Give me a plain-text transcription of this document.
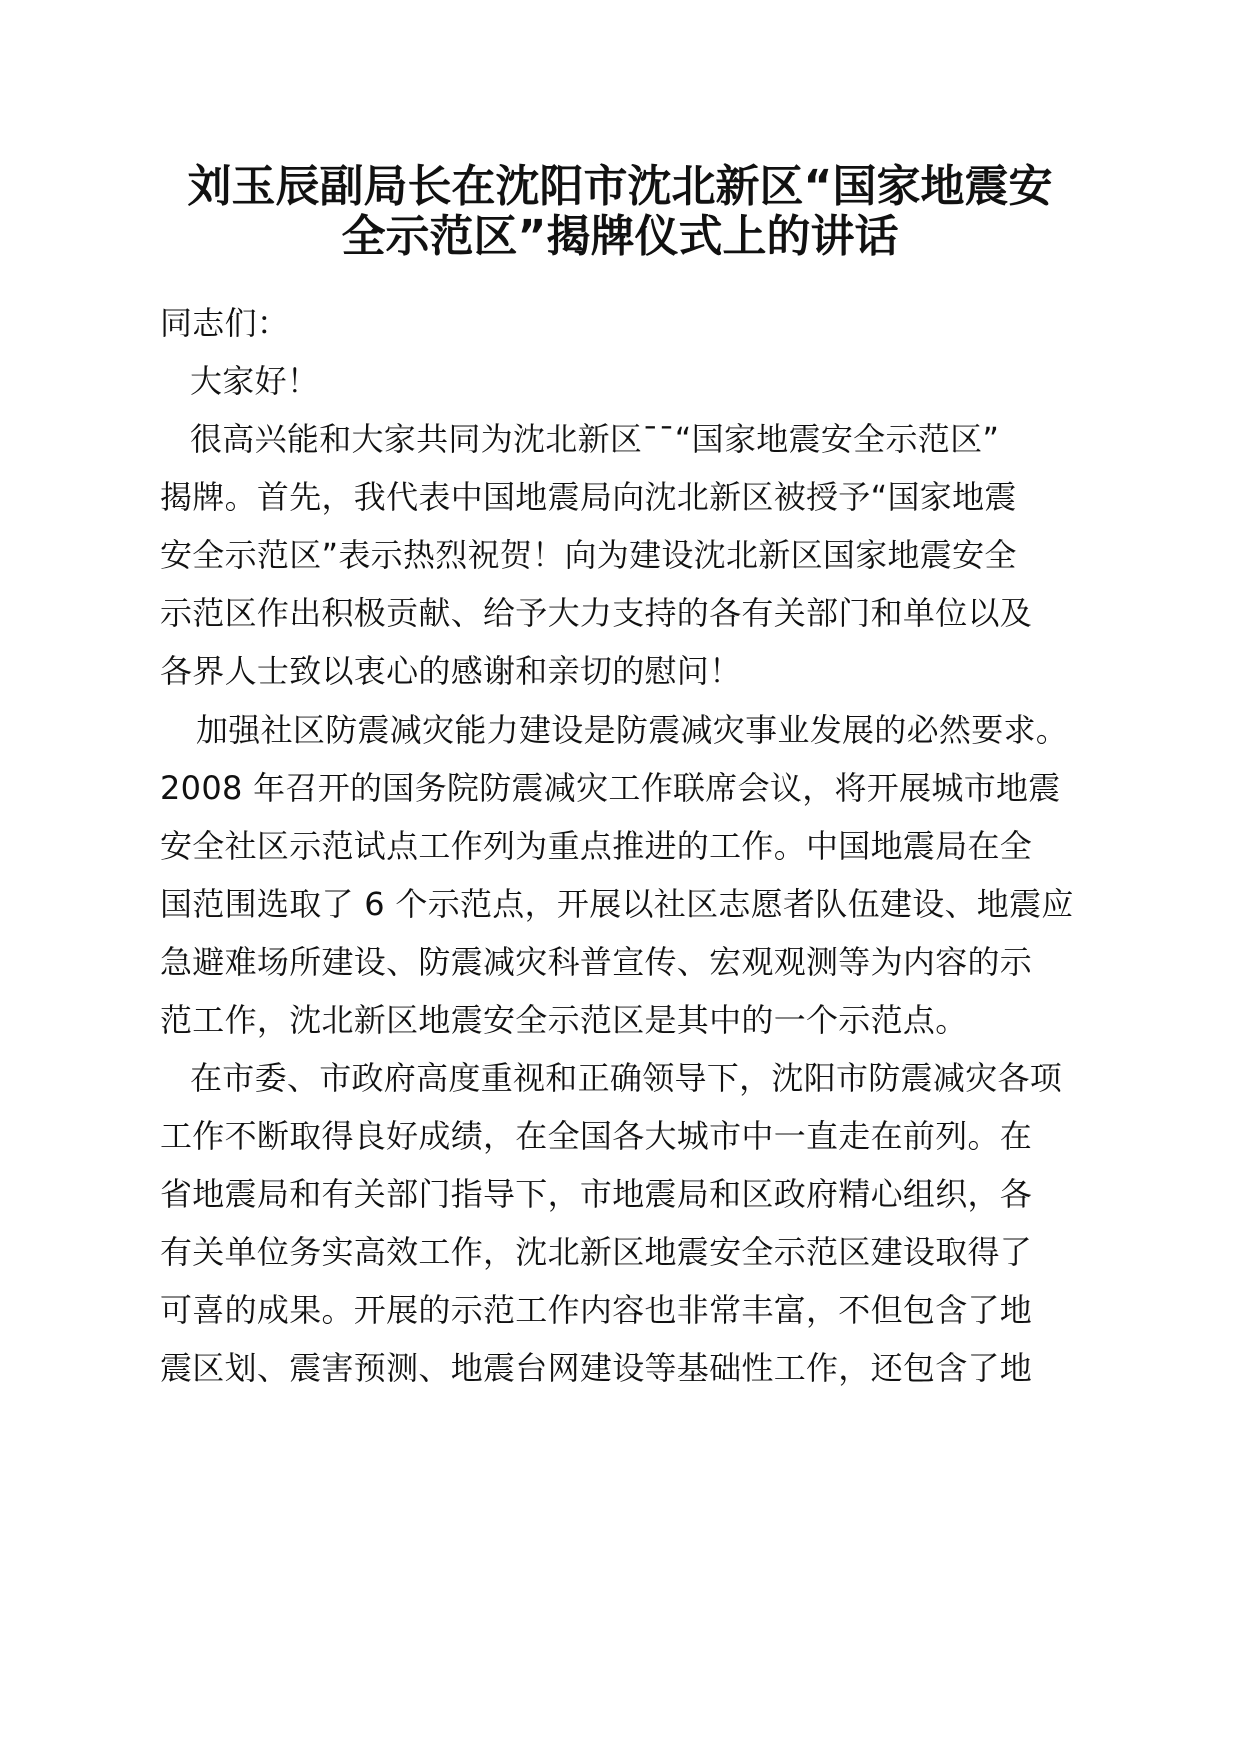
刘玉辰副局长在沈阳市沈北新区“国家地震安
全示范区”揭牌仪式上的讲话
同志们：
大家好！
很高兴能和大家共同为沈北新区¯¯“国家地震安全示范区”
揭牌。首先，我代表中国地震局向沈北新区被授予“国家地震
安全示范区”表示热烈祝贺！向为建设沈北新区国家地震安全
示范区作出积极贡献、给予大力支持的各有关部门和单位以及
各界人士致以衷心的感谢和亲切的慰问！
加强社区防震减灾能力建设是防震减灾事业发展的必然要求。
2008 年召开的国务院防震减灾工作联席会议，将开展城市地震
安全社区示范试点工作列为重点推进的工作。中国地震局在全
国范围选取了 6 个示范点，开展以社区志愿者队伍建设、地震应
急避难场所建设、防震减灾科普宣传、宏观观测等为内容的示
范工作，沈北新区地震安全示范区是其中的一个示范点。
在市委、市政府高度重视和正确领导下，沈阳市防震减灾各项
工作不断取得良好成绩，在全国各大城市中一直走在前列。在
省地震局和有关部门指导下，市地震局和区政府精心组织，各
有关单位务实高效工作，沈北新区地震安全示范区建设取得了
可喜的成果。开展的示范工作内容也非常丰富，不但包含了地
震区划、震害预测、地震台网建设等基础性工作，还包含了地
